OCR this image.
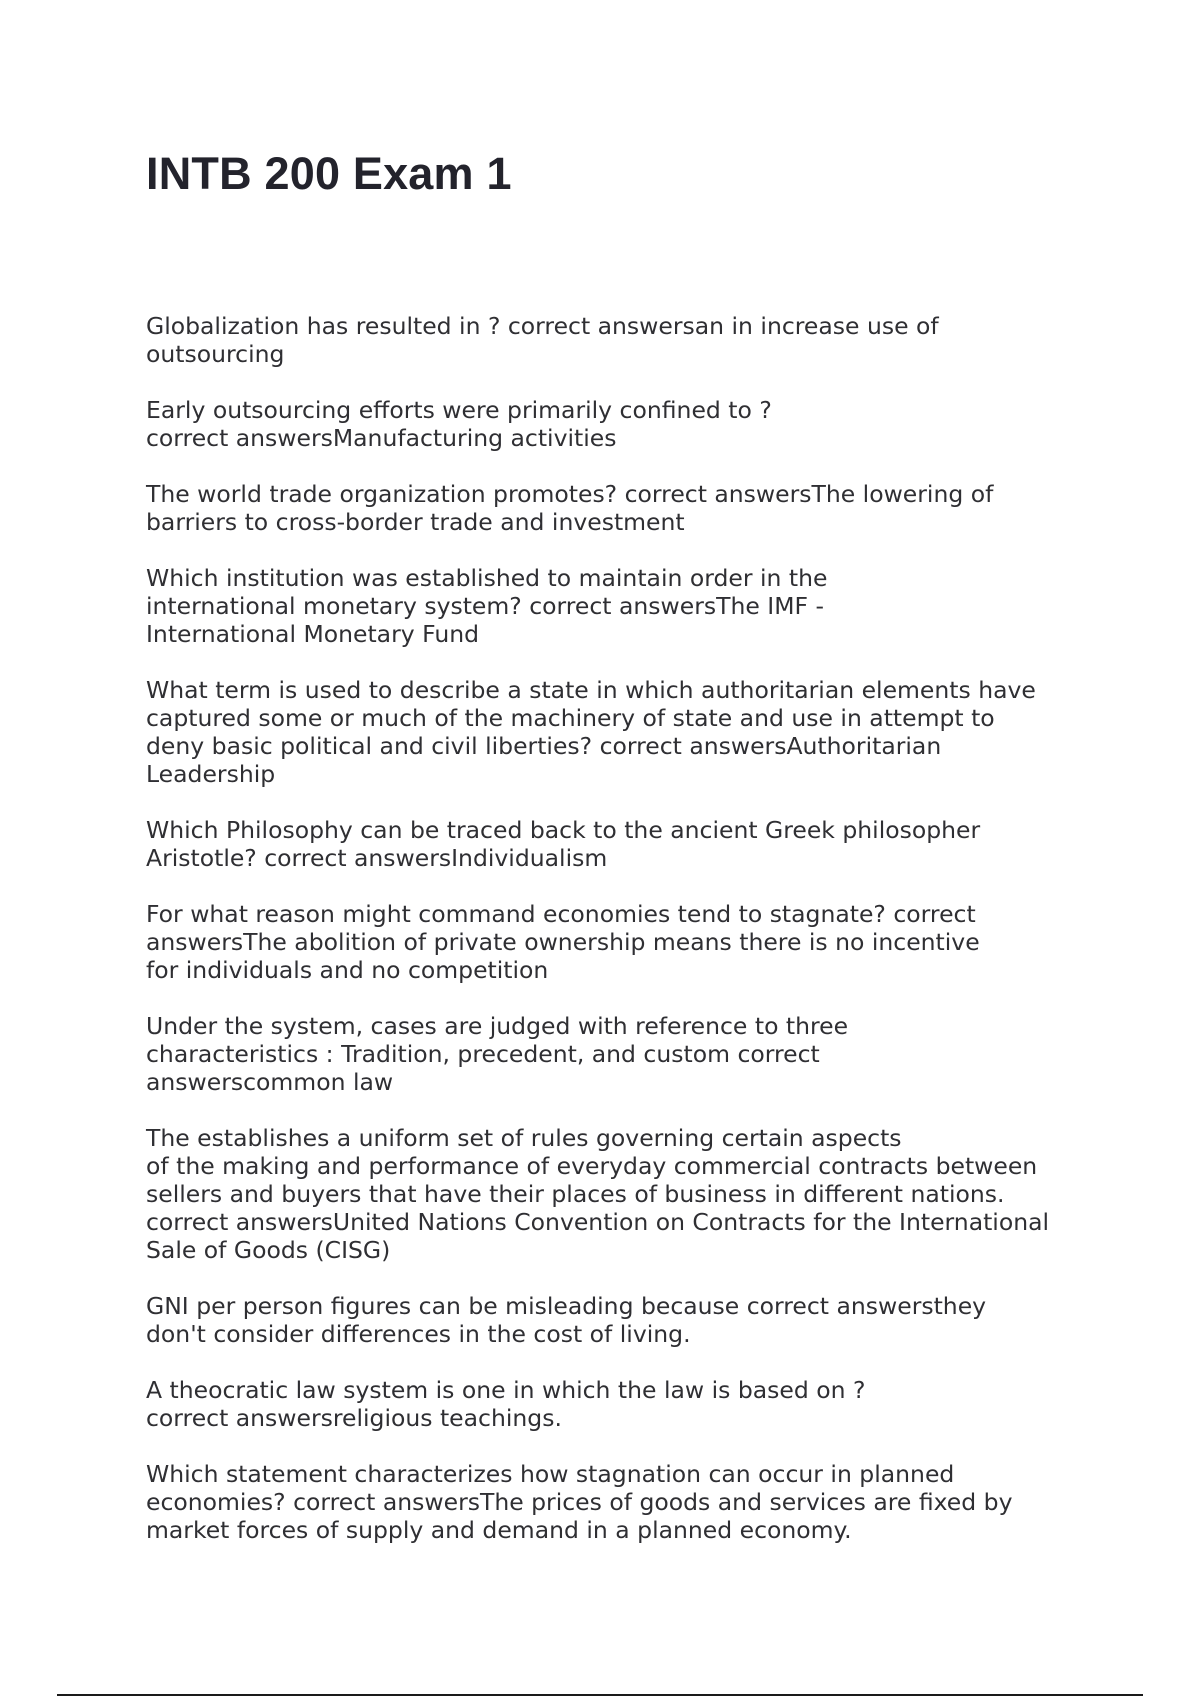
INTB 200 Exam 1
Globalization has resulted in ? correct answersan in increase use of
outsourcing
Early outsourcing efforts were primarily confined to ?
correct answersManufacturing activities
The world trade organization promotes? correct answersThe lowering of
barriers to cross-border trade and investment
Which institution was established to maintain order in the
international monetary system? correct answersThe IMF -
International Monetary Fund
What term is used to describe a state in which authoritarian elements have
captured some or much of the machinery of state and use in attempt to
deny basic political and civil liberties? correct answersAuthoritarian
Leadership
Which Philosophy can be traced back to the ancient Greek philosopher
Aristotle? correct answersIndividualism
For what reason might command economies tend to stagnate? correct
answersThe abolition of private ownership means there is no incentive
for individuals and no competition
Under the system, cases are judged with reference to three
characteristics : Tradition, precedent, and custom correct
answerscommon law
The establishes a uniform set of rules governing certain aspects
of the making and performance of everyday commercial contracts between
sellers and buyers that have their places of business in different nations.
correct answersUnited Nations Convention on Contracts for the International
Sale of Goods (CISG)
GNI per person figures can be misleading because correct answersthey
don't consider differences in the cost of living.
A theocratic law system is one in which the law is based on ?
correct answersreligious teachings.
Which statement characterizes how stagnation can occur in planned
economies? correct answersThe prices of goods and services are fixed by
market forces of supply and demand in a planned economy.
